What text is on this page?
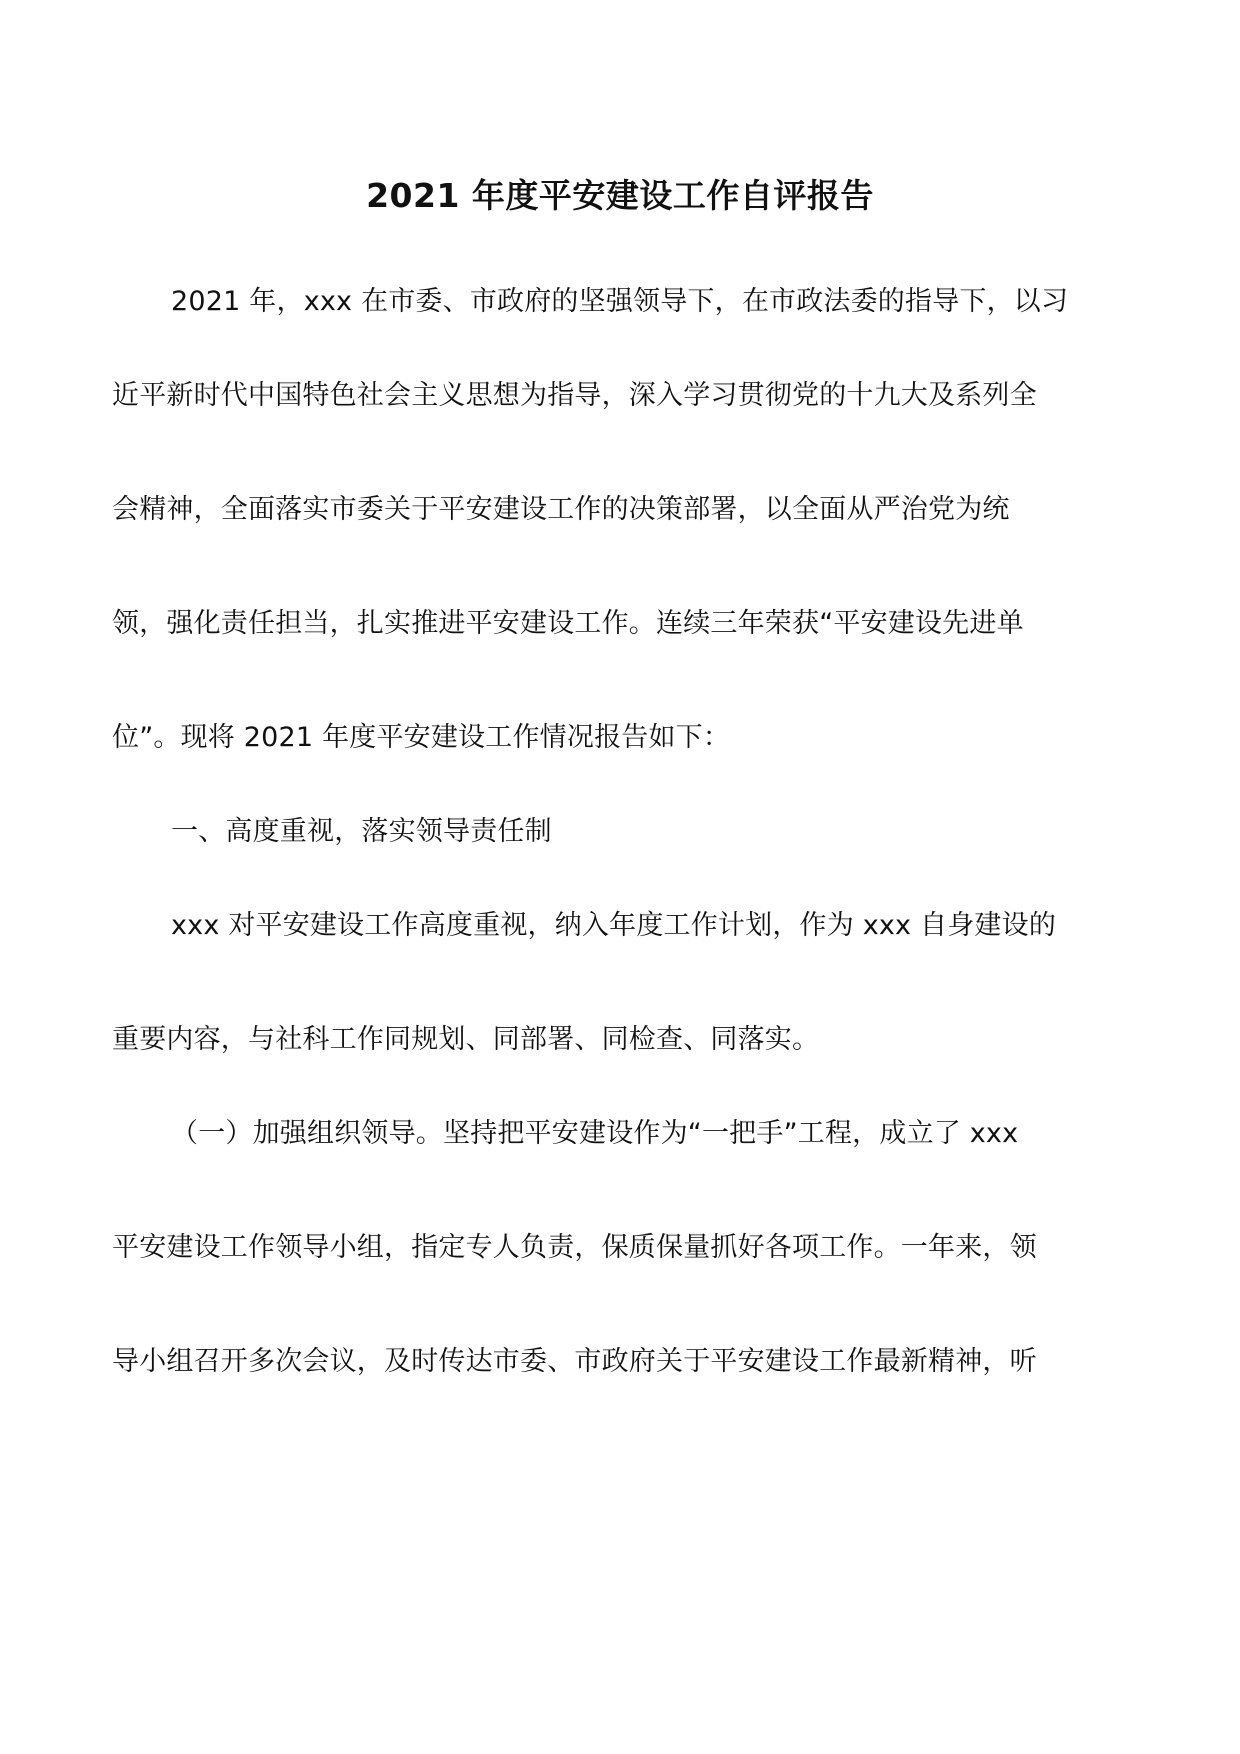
2021 年度平安建设工作自评报告
2021 年，xxx 在市委、市政府的坚强领导下，在市政法委的指导下，以习
近平新时代中国特色社会主义思想为指导，深入学习贯彻党的十九大及系列全
会精神，全面落实市委关于平安建设工作的决策部署，以全面从严治党为统
领，强化责任担当，扎实推进平安建设工作。连续三年荣获“平安建设先进单
位”。现将 2021 年度平安建设工作情况报告如下：
一、高度重视，落实领导责任制
xxx 对平安建设工作高度重视，纳入年度工作计划，作为 xxx 自身建设的
重要内容，与社科工作同规划、同部署、同检查、同落实。
（一）加强组织领导。坚持把平安建设作为“一把手”工程，成立了 xxx
平安建设工作领导小组，指定专人负责，保质保量抓好各项工作。一年来，领
导小组召开多次会议，及时传达市委、市政府关于平安建设工作最新精神，听
